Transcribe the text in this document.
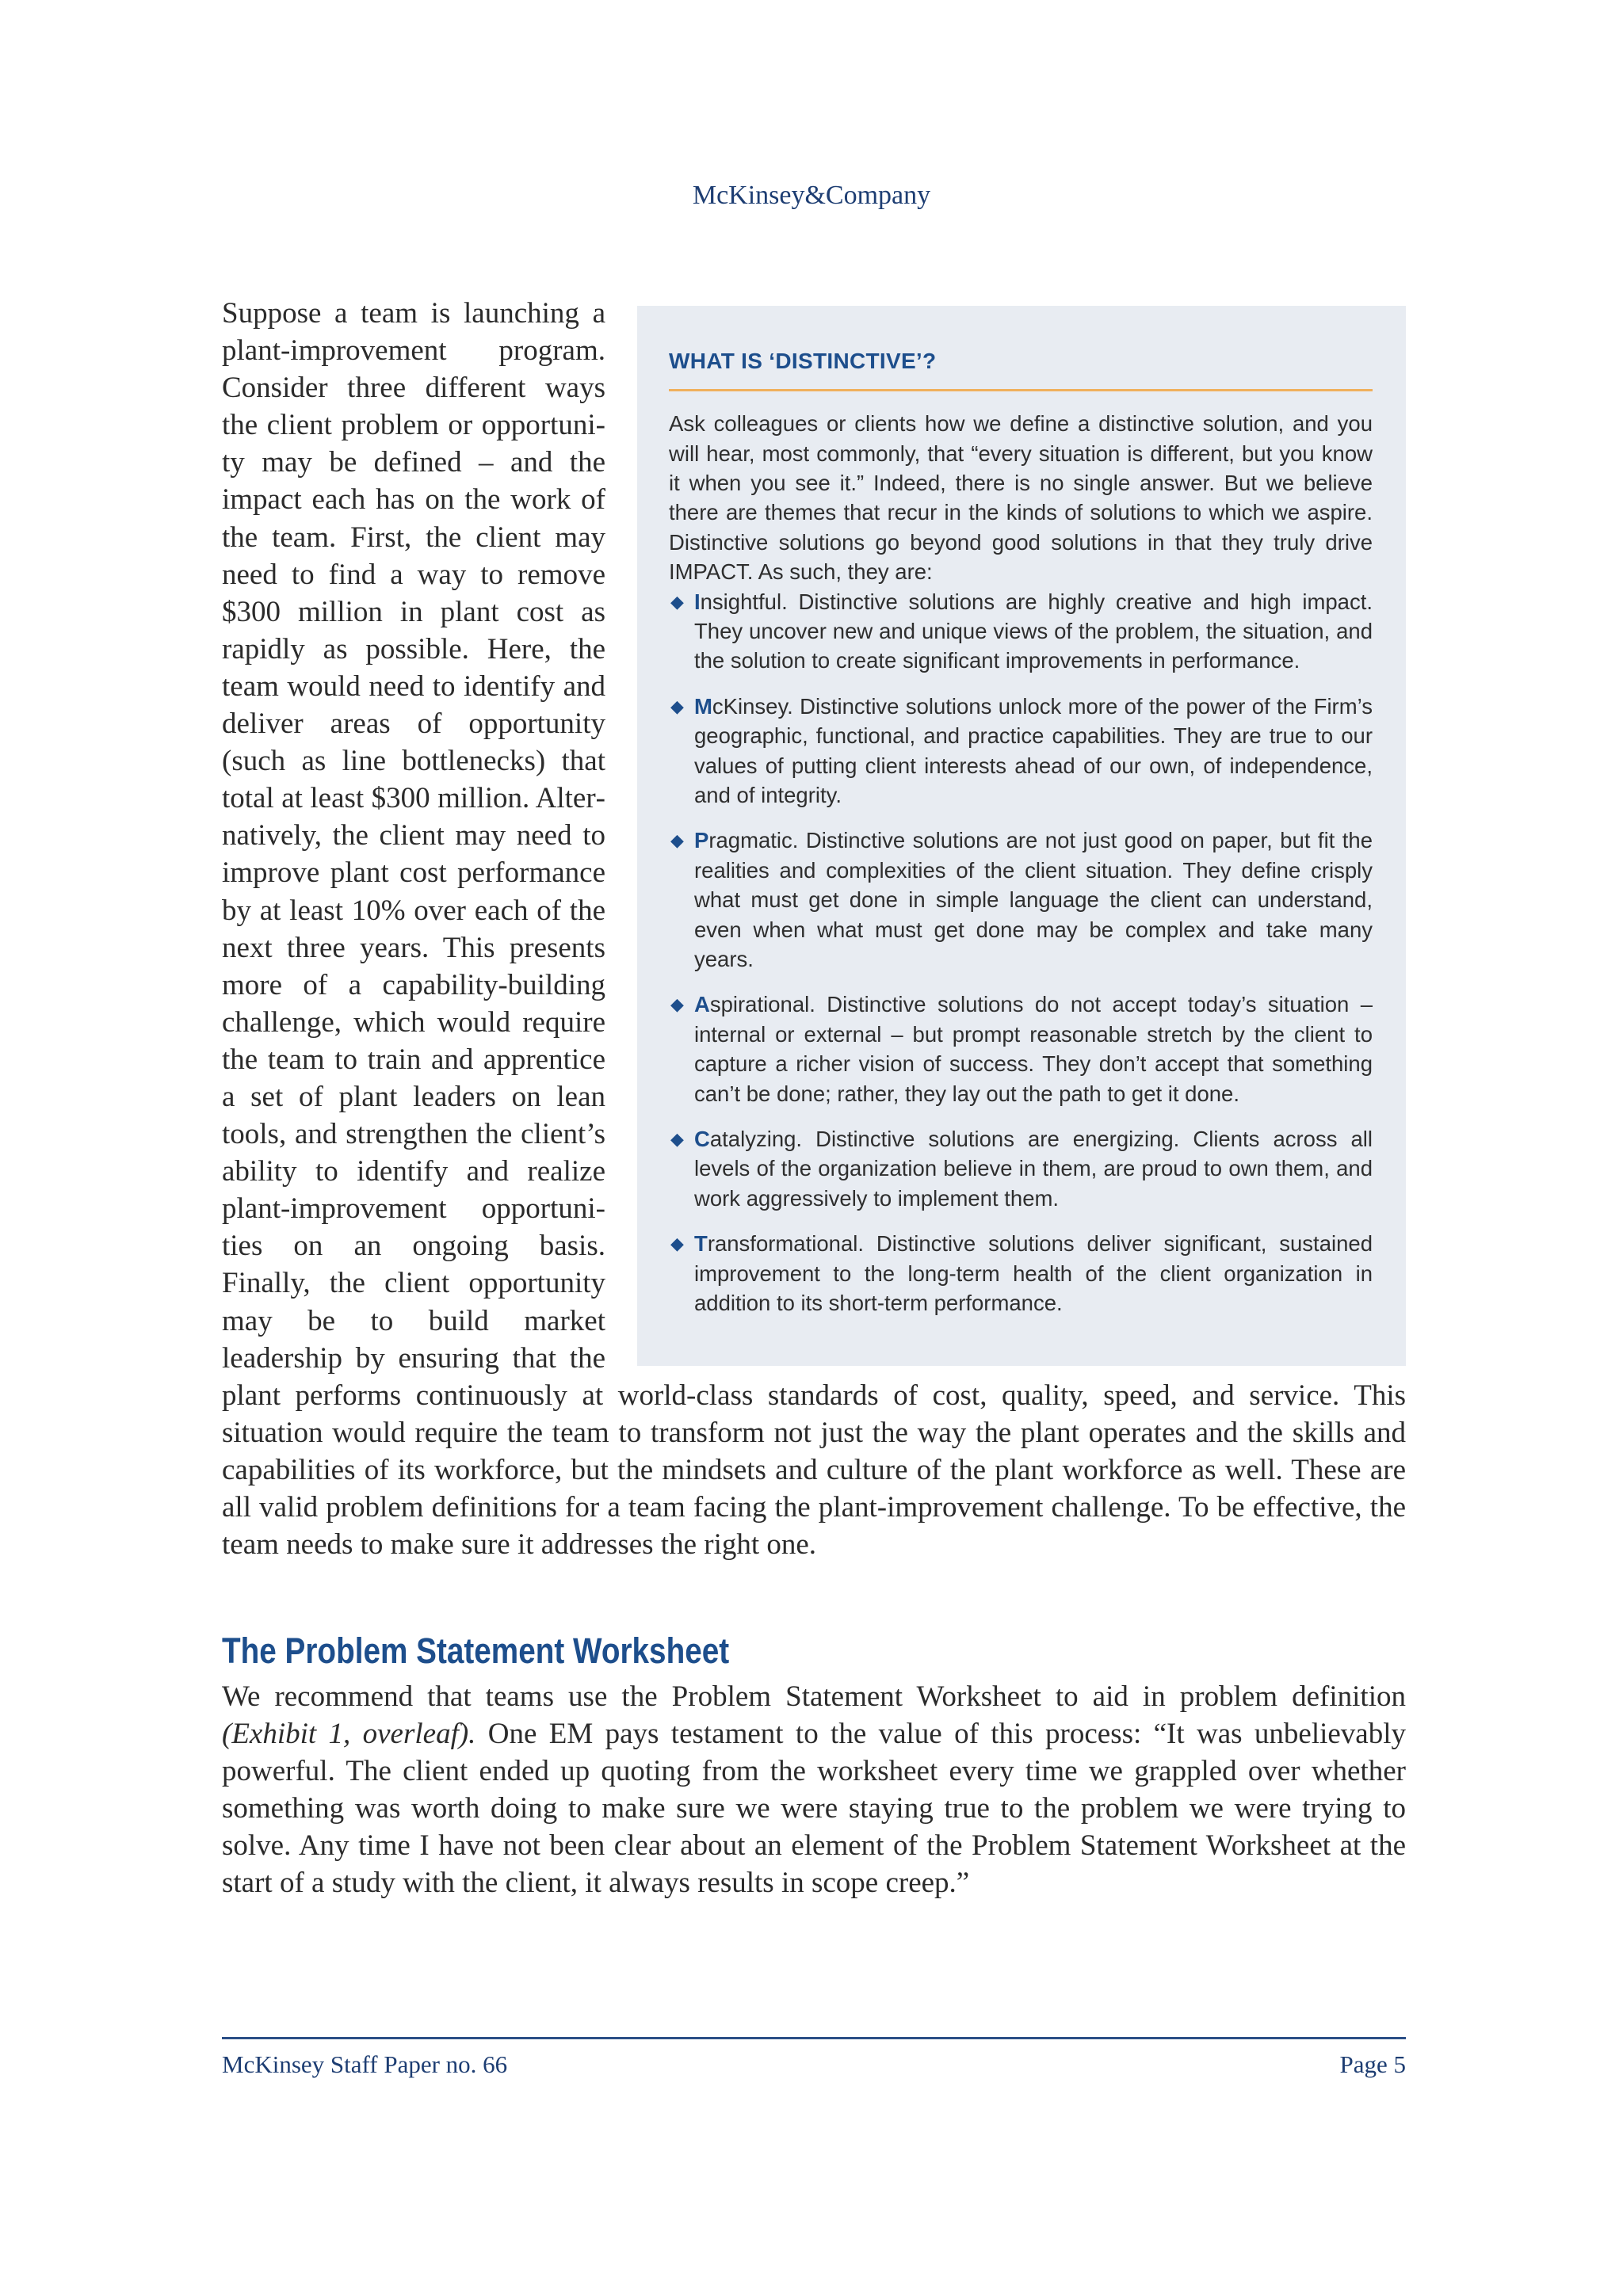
McKinsey&Company
WHAT IS ‘DISTINCTIVE’?

Ask colleagues or clients how we define a distinctive solution, and you will hear, most commonly, that “every situation is different, but you know it when you see it.” Indeed, there is no single answer. But we believe there are themes that recur in the kinds of solutions to which we aspire. Distinctive solutions go beyond good solutions in that they truly drive IMPACT. As such, they are:

◆ Insightful. Distinctive solutions are highly creative and high impact. They uncover new and unique views of the problem, the situation, and the solution to create significant improvements in performance.
◆ McKinsey. Distinctive solutions unlock more of the power of the Firm’s geographic, functional, and practice capabilities. They are true to our values of putting client interests ahead of our own, of independence, and of integrity.
◆ Pragmatic. Distinctive solutions are not just good on paper, but fit the realities and complexities of the client situation. They define crisply what must get done in simple language the client can understand, even when what must get done may be complex and take many years.
◆ Aspirational. Distinctive solutions do not accept today’s situation – internal or external – but prompt reasonable stretch by the client to capture a richer vision of success. They don’t accept that something can’t be done; rather, they lay out the path to get it done.
◆ Catalyzing. Distinctive solutions are energizing. Clients across all levels of the organization believe in them, are proud to own them, and work aggressively to implement them.
◆ Transformational. Distinctive solutions deliver significant, sustained improvement to the long-term health of the client organization in addition to its short-term performance.

Suppose a team is launching a plant-improvement program. Consider three different ways the client problem or opportunity may be defined – and the impact each has on the work of the team. First, the client may need to find a way to remove $300 million in plant cost as rapidly as possible. Here, the team would need to identify and deliver areas of opportunity (such as line bottlenecks) that total at least $300 million. Alternatively, the client may need to improve plant cost performance by at least 10% over each of the next three years. This presents more of a capability-building challenge, which would require the team to train and apprentice a set of plant leaders on lean tools, and strengthen the client’s ability to identify and realize plant-improvement opportunities on an ongoing basis. Finally, the client opportunity may be to build market leadership by ensuring that the plant performs continuously at world-class standards of cost, quality, speed, and service. This situation would require the team to transform not just the way the plant operates and the skills and capabilities of its workforce, but the mindsets and culture of the plant workforce as well. These are all valid problem definitions for a team facing the plant-improvement challenge. To be effective, the team needs to make sure it addresses the right one.

The Problem Statement Worksheet

We recommend that teams use the Problem Statement Worksheet to aid in problem definition (Exhibit 1, overleaf). One EM pays testament to the value of this process: “It was unbelievably powerful. The client ended up quoting from the worksheet every time we grappled over whether something was worth doing to make sure we were staying true to the problem we were trying to solve. Any time I have not been clear about an element of the Problem Statement Worksheet at the start of a study with the client, it always results in scope creep.”

McKinsey Staff Paper no. 66	Page 5
